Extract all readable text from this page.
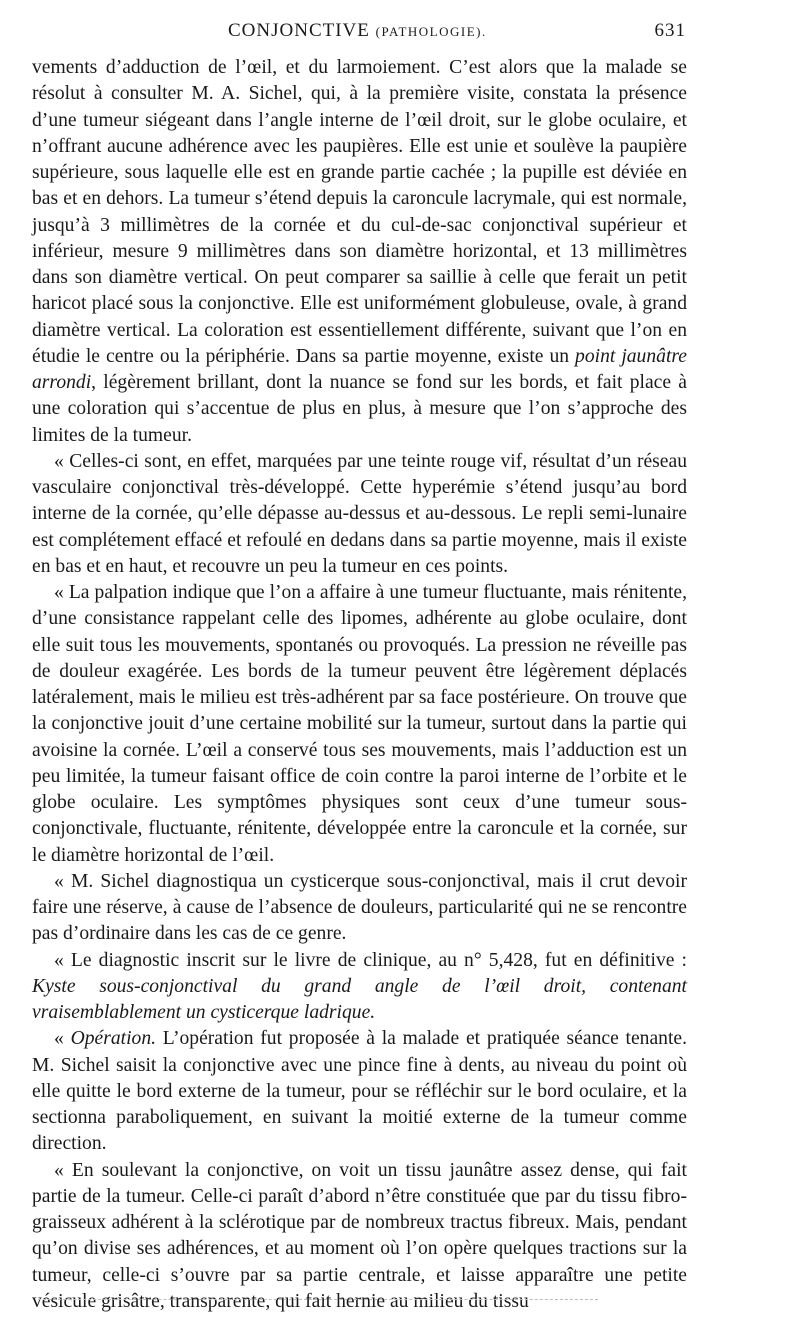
CONJONCTIVE (PATHOLOGIE).	631

vements d’adduction de l’œil, et du larmoiement. C’est alors que la malade se résolut à consulter M. A. Sichel, qui, à la première visite, constata la présence d’une tumeur siégeant dans l’angle interne de l’œil droit, sur le globe oculaire, et n’offrant aucune adhérence avec les paupières. Elle est unie et soulève la paupière supérieure, sous laquelle elle est en grande partie cachée ; la pupille est déviée en bas et en dehors. La tumeur s’étend depuis la caroncule lacrymale, qui est normale, jusqu’à 3 millimètres de la cornée et du cul-de-sac conjonctival supérieur et inférieur, mesure 9 millimètres dans son diamètre horizontal, et 13 millimètres dans son diamètre vertical. On peut comparer sa saillie à celle que ferait un petit haricot placé sous la conjonctive. Elle est uniformément globuleuse, ovale, à grand diamètre vertical. La coloration est essentiellement différente, suivant que l’on en étudie le centre ou la périphérie. Dans sa partie moyenne, existe un point jaunâtre arrondi, légèrement brillant, dont la nuance se fond sur les bords, et fait place à une coloration qui s’accentue de plus en plus, à mesure que l’on s’approche des limites de la tumeur.

« Celles-ci sont, en effet, marquées par une teinte rouge vif, résultat d’un réseau vasculaire conjonctival très-développé. Cette hyperémie s’étend jusqu’au bord interne de la cornée, qu’elle dépasse au-dessus et au-dessous. Le repli semi-lunaire est complétement effacé et refoulé en dedans dans sa partie moyenne, mais il existe en bas et en haut, et recouvre un peu la tumeur en ces points.

« La palpation indique que l’on a affaire à une tumeur fluctuante, mais rénitente, d’une consistance rappelant celle des lipomes, adhérente au globe oculaire, dont elle suit tous les mouvements, spontanés ou provoqués. La pression ne réveille pas de douleur exagérée. Les bords de la tumeur peuvent être légèrement déplacés latéralement, mais le milieu est très-adhérent par sa face postérieure. On trouve que la conjonctive jouit d’une certaine mobilité sur la tumeur, surtout dans la partie qui avoisine la cornée. L’œil a conservé tous ses mouvements, mais l’adduction est un peu limitée, la tumeur faisant office de coin contre la paroi interne de l’orbite et le globe oculaire. Les symptômes physiques sont ceux d’une tumeur sous-conjonctivale, fluctuante, rénitente, développée entre la caroncule et la cornée, sur le diamètre horizontal de l’œil.

« M. Sichel diagnostiqua un cysticerque sous-conjonctival, mais il crut devoir faire une réserve, à cause de l’absence de douleurs, particularité qui ne se rencontre pas d’ordinaire dans les cas de ce genre.

« Le diagnostic inscrit sur le livre de clinique, au n° 5,428, fut en définitive : Kyste sous-conjonctival du grand angle de l’œil droit, contenant vraisemblablement un cysticerque ladrique.

« Opération. L’opération fut proposée à la malade et pratiquée séance tenante. M. Sichel saisit la conjonctive avec une pince fine à dents, au niveau du point où elle quitte le bord externe de la tumeur, pour se réfléchir sur le bord oculaire, et la sectionna paraboliquement, en suivant la moitié externe de la tumeur comme direction.

« En soulevant la conjonctive, on voit un tissu jaunâtre assez dense, qui fait partie de la tumeur. Celle-ci paraît d’abord n’être constituée que par du tissu fibro-graisseux adhérent à la sclérotique par de nombreux tractus fibreux. Mais, pendant qu’on divise ses adhérences, et au moment où l’on opère quelques tractions sur la tumeur, celle-ci s’ouvre par sa partie centrale, et laisse apparaître une petite vésicule grisâtre, transparente, qui fait hernie au milieu du tissu
